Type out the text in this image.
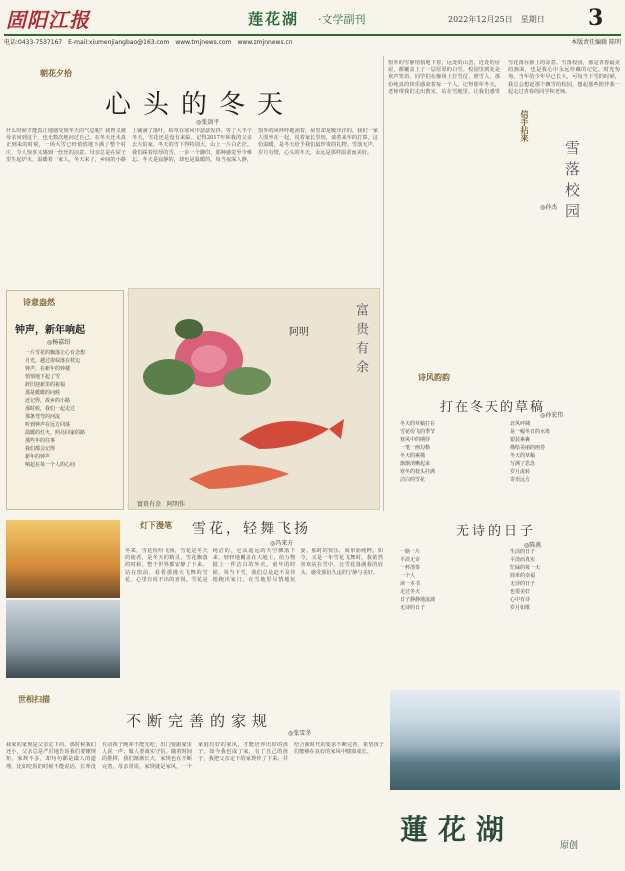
固阳江报	莲花湖 ·文学副刊	2022年12月25日　星期日 3
电话:0433-7537167　E-mail:xiumenjiangbao@163.com　www.tmjnews.com　www.zmjnnews.cn	本版责任编辑 陈明
朝花夕拾
心头的冬天
◎张剑平
什么时候才能真正地感受到冬天的气息呢？我曾又被母亲问到这个，也无数次地问过自己。在冬天还未真正到来的时候，一场大雪已经悄悄地下满了整个村庄，令人惊喜又感到一丝丝的凉意。母亲总是在屋子里生起炉火，温暖着一家人。冬天来了，乡间的小路上铺满了落叶，枯草在寒风中瑟瑟发抖。等了大半个冬天，雪花还是没有来临。记得2017年和我的父亲去大伯家，冬天的雪下得特别大，山上一片白茫茫。我们踩着厚厚的雪，一步一个脚印，那种感觉至今难忘。冬天是寂静的，却也是温暖的。每当夜深人静，窗外的风呼呼地刮着，屋里却是暖洋洋的。我们一家人围坐在一起，说着家长里短，谈着来年的打算。这份温暖，是冬天给予我们最珍贵的礼物。雪落无声，岁月有情，心头的冬天，永远是那样温柔而美好。
诗意盎然
钟声，新年响起
◎杨嘉绍
一片雪花的飘落让心有念想
月光，越过窗棂落在枕边
钟声，在新年的钟楼
悄悄地下起了雪
辞旧迎新里的祝福
那是暖暖的问候
还记得，故乡的小路
那时候，我们一起走过
那条弯弯的河流
听到钟声在远方回荡
温暖的灯火，照亮回家的路
那些年的往事
我们都会记得
新年的钟声
响起在每一个人的心间
富贵有余
阿明
富贵有余　阿明作
信手拈来
雪落校园
◎孙杰
窗外的雪静悄悄地下着，远处的山峦、近处的房屋，都覆盖上了一层厚厚的白雪。校园里到处是欢声笑语，同学们在操场上打雪仗、堆雪人，那份纯真的快乐感染着每一个人。记得那年冬天，老师带我们走出教室，站在雪地里，让我们感受雪花落在脸上的凉意。雪落校园，那是青春最美的画面，也是我心中永远珍藏的记忆。时光匆匆，当年的少年早已长大，可每当下雪的时候，我总会想起那个飘雪的校园，想起那些陪伴我一起走过青春的同学和老师。
诗风韵韵
打在冬天的草稿
◎孙宏伟
冬天的草稿打在
雪花纷飞的季节
寒风中的期待
一笔一画勾勒
冬天的素描
渐渐清晰起来
寒冬的枝头挂满
洁白的雪花
北风呼啸
是一幅冬日的水墨
银装素裹
描绘美丽的画卷
冬天的草稿
写满了思念
岁月流转
寄语远方
灯下漫笔 雪花，轻舞飞扬
◎冯来方
冬来，雪花纷纷飞扬，雪花是冬天的使者，是冬天的精灵。雪花飘落的时候，整个世界都安静了下来。站在窗前，看着那漫天飞舞的雪花，心里有说不出的喜悦。雪花是纯洁的，它从遥远的天空飘落下来，轻轻地覆盖在大地上，给万物披上一件洁白的外衣。童年的时候，每当下雪，我们总是迫不及待地跑出家门，在雪地里尽情地玩耍。那时的快乐，简单而纯粹。如今，又是一年雪花飞舞时，我依然喜欢站在雪中，让雪花落满我的肩头，感受那份久违的宁静与美好。
无诗的日子
◎陈燕
一路一片
平淡无奇
一杯清茶
一个人
读一本书
走过冬天
日子静静地流淌
无诗的日子
生活的日子
平淡而真实
忙碌的每一天
简单的幸福
无诗的日子
也很美好
心中有诗
岁月如歌
世相扫描
不断完善的家规
◎张雪冬
我家的家规是父亲定下的，那时候我们还小，父亲总是严厉地告诉我们要懂规矩。家规不多，却句句都是做人的道理。比如吃饭的时候不能说话，长辈没有动筷子晚辈不能先吃；出门要跟家里人说一声；做人要诚实守信。随着时间的推移，我们渐渐长大，家规也在不断完善。母亲常说，家规就是家风，一个家庭有好的家风，才能培养出好的孩子。如今我也成了家，有了自己的孩子，我把父亲定下的家规传了下来，并结合新时代的要求不断完善，希望孩子们能够在良好的家风中健康成长。
蓮花湖	原创
